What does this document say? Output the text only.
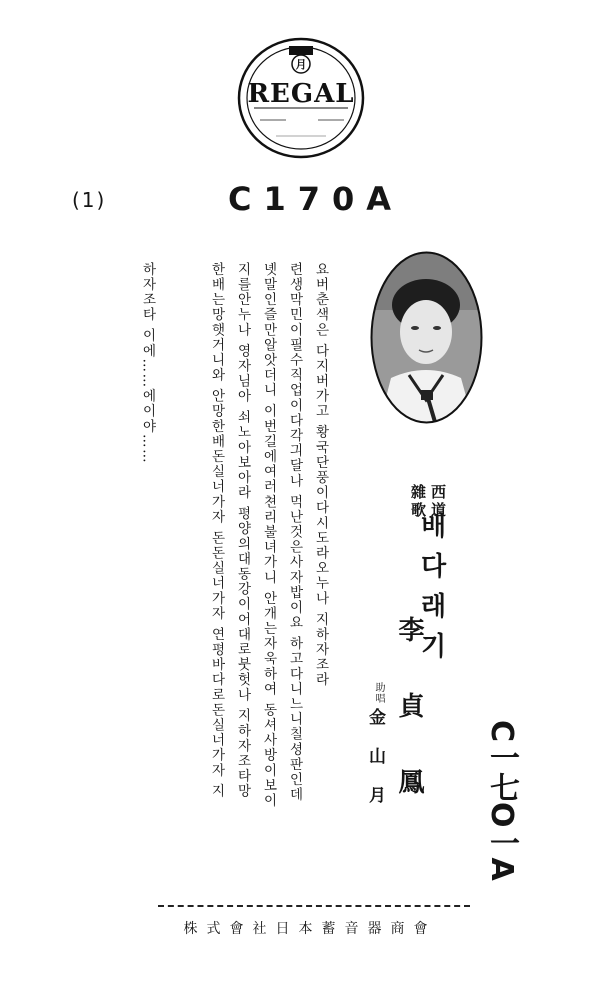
月
REGAL
(1)	C170A
요버춘색은 다지버가고 황국단풍이다시도라오누나 지하자조라
련생막민이필수직업이다각긔달나 먹난것은사자밥이요 하고다니느니칠셩판인데
녯말인즐만알앗더니 이번길에여러쳔리불녀가니 안개는자욱하여 동셔사방이보이
지를안누나 영자님아 쇠노아보아라 평양의대동강이어대로붓헛나 지하자조타망
한배는망햇거니와 안망한배돈실너가자 돈돈실너가자 연평바다로돈실너가자 지
하자조타 이에……에이야……
西道
雜歌
배다래기
李貞鳳
助唱
金山月	C一七O一A
株式會社日本蓄音器商會
